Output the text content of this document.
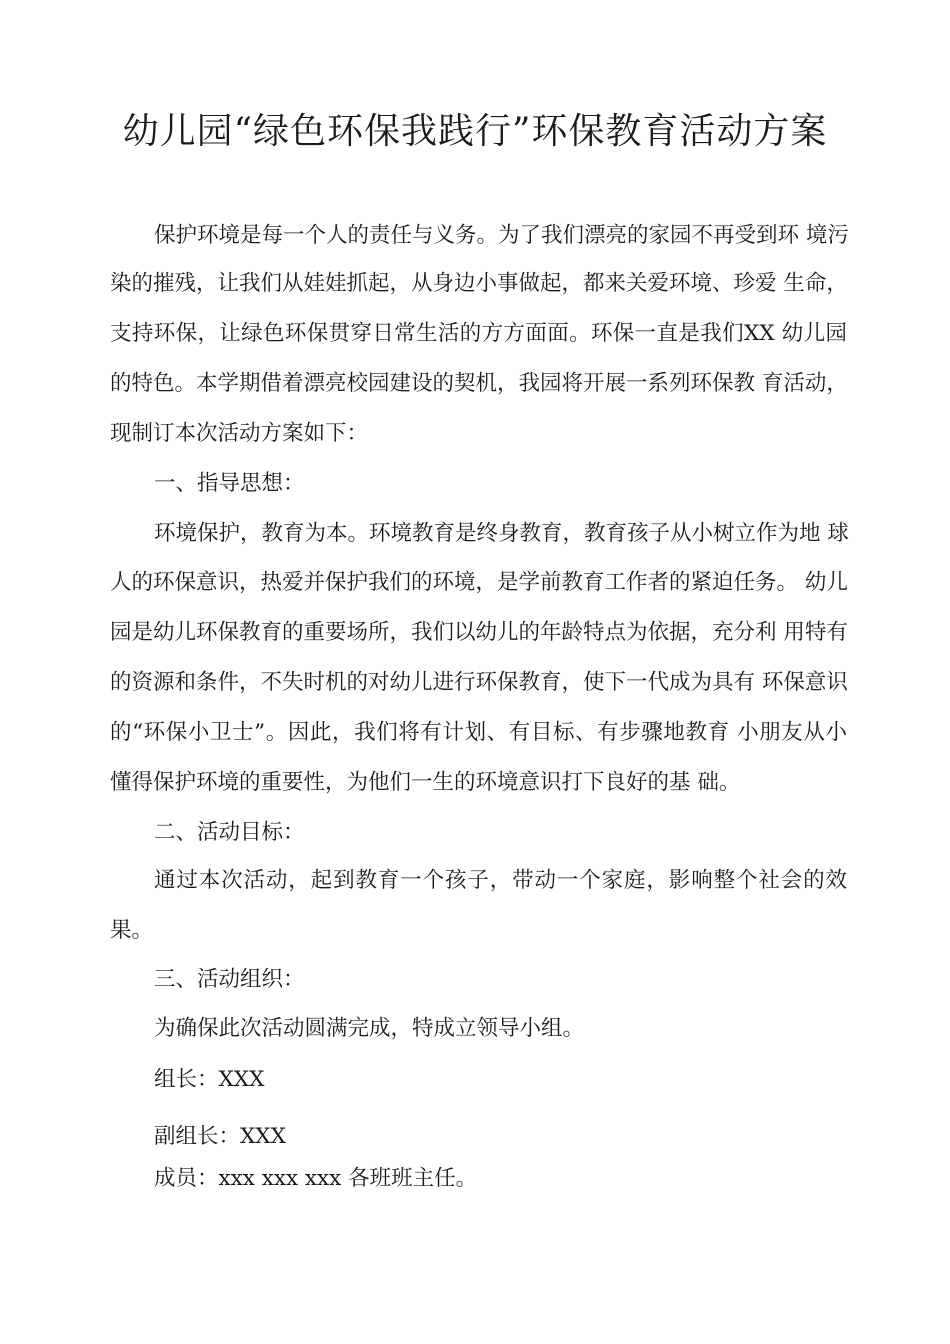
幼儿园“绿色环保我践行”环保教育活动方案
保护环境是每一个人的责任与义务。为了我们漂亮的家园不再受到环 境污
染的摧残，让我们从娃娃抓起，从身边小事做起，都来关爱环境、珍爱 生命，
支持环保，让绿色环保贯穿日常生活的方方面面。环保一直是我们XX 幼儿园
的特色。本学期借着漂亮校园建设的契机，我园将开展一系列环保教 育活动，
现制订本次活动方案如下：
一、指导思想：
环境保护，教育为本。环境教育是终身教育，教育孩子从小树立作为地 球
人的环保意识，热爱并保护我们的环境，是学前教育工作者的紧迫任务。 幼儿
园是幼儿环保教育的重要场所，我们以幼儿的年龄特点为依据，充分利 用特有
的资源和条件，不失时机的对幼儿进行环保教育，使下一代成为具有 环保意识
的“环保小卫士”。因此，我们将有计划、有目标、有步骤地教育 小朋友从小
懂得保护环境的重要性，为他们一生的环境意识打下良好的基 础。
二、活动目标：
通过本次活动，起到教育一个孩子，带动一个家庭，影响整个社会的效
果。
三、活动组织：
为确保此次活动圆满完成，特成立领导小组。
组长：XXX
副组长：XXX
成员：xxx xxx xxx 各班班主任。
